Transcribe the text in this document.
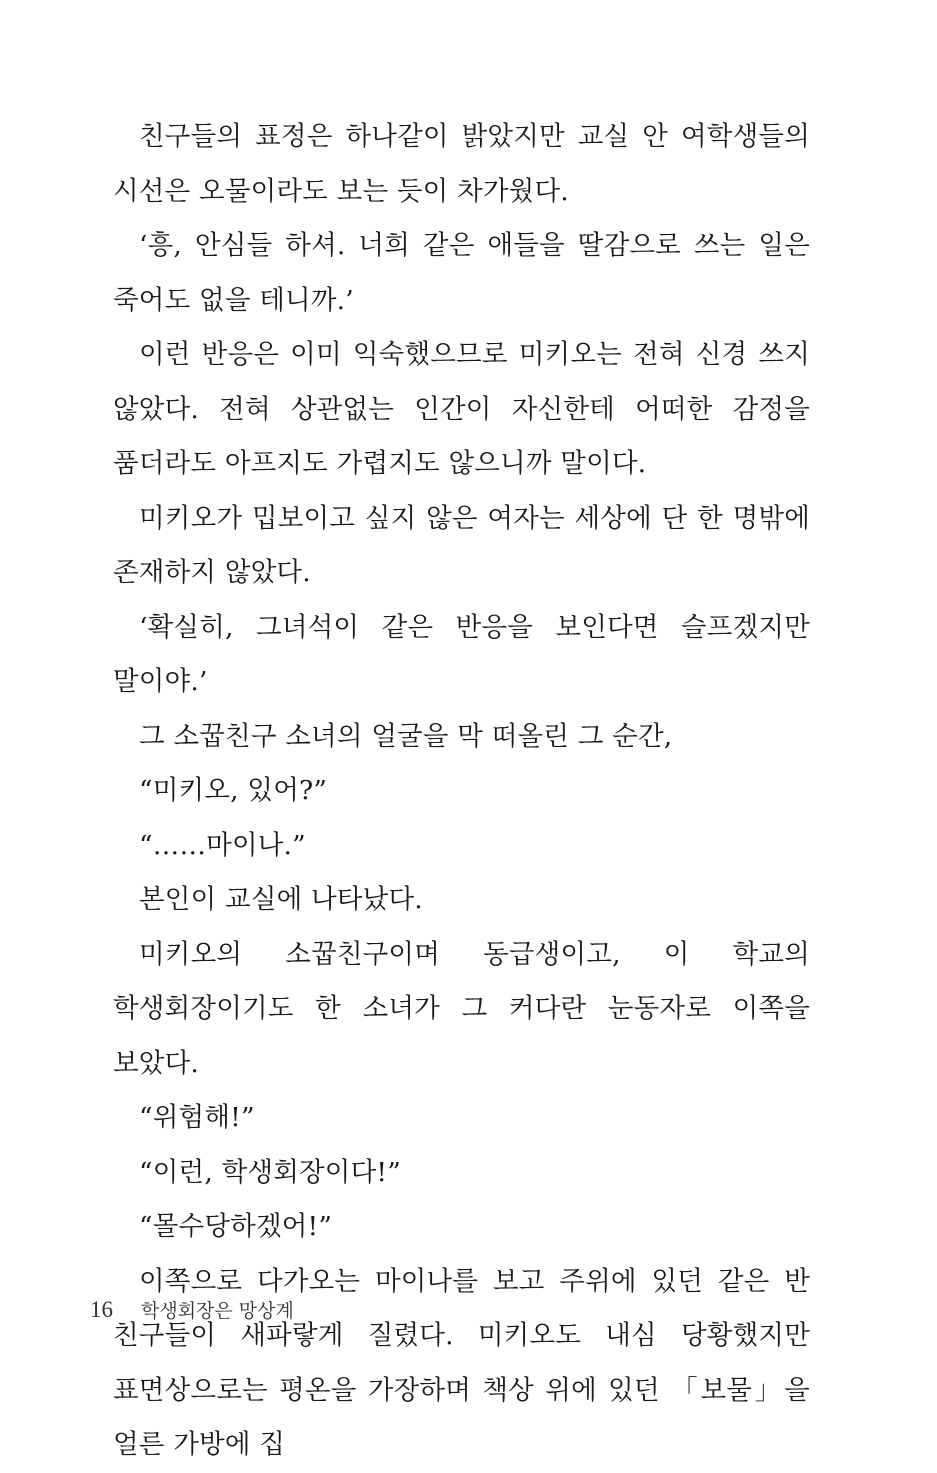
친구들의 표정은 하나같이 밝았지만 교실 안 여학생들의 시선은 오물이라도 보는 듯이 차가웠다.

‘흥, 안심들 하셔. 너희 같은 애들을 딸감으로 쓰는 일은 죽어도 없을 테니까.’

이런 반응은 이미 익숙했으므로 미키오는 전혀 신경 쓰지 않았다. 전혀 상관없는 인간이 자신한테 어떠한 감정을 품더라도 아프지도 가렵지도 않으니까 말이다.

미키오가 밉보이고 싶지 않은 여자는 세상에 단 한 명밖에 존재하지 않았다.

‘확실히, 그녀석이 같은 반응을 보인다면 슬프겠지만 말이야.’

그 소꿉친구 소녀의 얼굴을 막 떠올린 그 순간,

“미키오, 있어?”

“……마이나.”

본인이 교실에 나타났다.

미키오의 소꿉친구이며 동급생이고, 이 학교의 학생회장이기도 한 소녀가 그 커다란 눈동자로 이쪽을 보았다.

“위험해!”

“이런, 학생회장이다!”

“몰수당하겠어!”

이쪽으로 다가오는 마이나를 보고 주위에 있던 같은 반 친구들이 새파랗게 질렸다. 미키오도 내심 당황했지만 표면상으로는 평온을 가장하며 책상 위에 있던 「보물」을 얼른 가방에 집

16 학생회장은 망상계
